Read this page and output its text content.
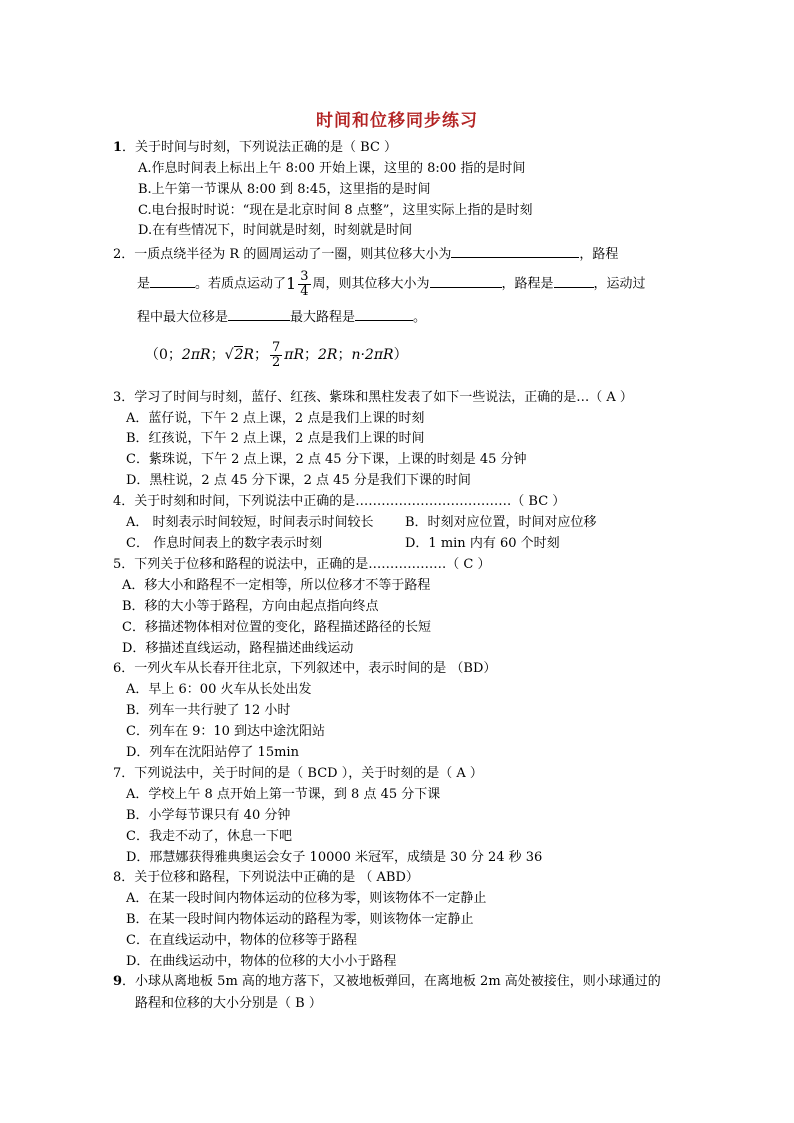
时间和位移同步练习
1．关于时间与时刻，下列说法正确的是（ BC ）
A.作息时间表上标出上午 8:00 开始上课，这里的 8:00 指的是时间
B.上午第一节课从 8:00 到 8:45，这里指的是时间
C.电台报时时说：“现在是北京时间 8 点整”，这里实际上指的是时刻
D.在有些情况下，时间就是时刻，时刻就是时间
2．一质点绕半径为 R 的圆周运动了一圈，则其位移大小为	，路程
是	。若质点运动了$1 \frac{3}{4}$ 周，则其位移大小为	，路程是	，运动过
程中最大位移是	最大路程是	。
（0；2πR；√2R； $\frac{7}{2}$ πR；2R；n·2πR）
3．学习了时间与时刻，蓝仔、红孩、紫珠和黑柱发表了如下一些说法，正确的是…（ A ）
A．蓝仔说，下午 2 点上课，2 点是我们上课的时刻
B．红孩说，下午 2 点上课，2 点是我们上课的时间
C．紫珠说，下午 2 点上课，2 点 45 分下课，上课的时刻是 45 分钟
D．黑柱说，2 点 45 分下课，2 点 45 分是我们下课的时间
4．关于时刻和时间，下列说法中正确的是………………………………（ BC ）
A． 时刻表示时间较短，时间表示时间较长 B．时刻对应位置，时间对应位移
C． 作息时间表上的数字表示时刻	D．1 min 内有 60 个时刻
5．下列关于位移和路程的说法中，正确的是………………（ C ）
A．移大小和路程不一定相等，所以位移才不等于路程
B．移的大小等于路程，方向由起点指向终点
C．移描述物体相对位置的变化，路程描述路径的长短
D．移描述直线运动，路程描述曲线运动
6．一列火车从长春开往北京，下列叙述中，表示时间的是 （BD）
A．早上 6：00 火车从长处出发
B．列车一共行驶了 12 小时
C．列车在 9：10 到达中途沈阳站
D．列车在沈阳站停了 15min
7．下列说法中，关于时间的是（ BCD ），关于时刻的是（ A ）
A．学校上午 8 点开始上第一节课，到 8 点 45 分下课
B．小学每节课只有 40 分钟
C．我走不动了，休息一下吧
D．邢慧娜获得雅典奥运会女子 10000 米冠军，成绩是 30 分 24 秒 36
8．关于位移和路程，下列说法中正确的是 （ ABD）
A．在某一段时间内物体运动的位移为零，则该物体不一定静止
B．在某一段时间内物体运动的路程为零，则该物体一定静止
C．在直线运动中，物体的位移等于路程
D．在曲线运动中，物体的位移的大小小于路程
9．小球从离地板 5m 高的地方落下，又被地板弹回，在离地板 2m 高处被接住，则小球通过的
路程和位移的大小分别是（ B ）
